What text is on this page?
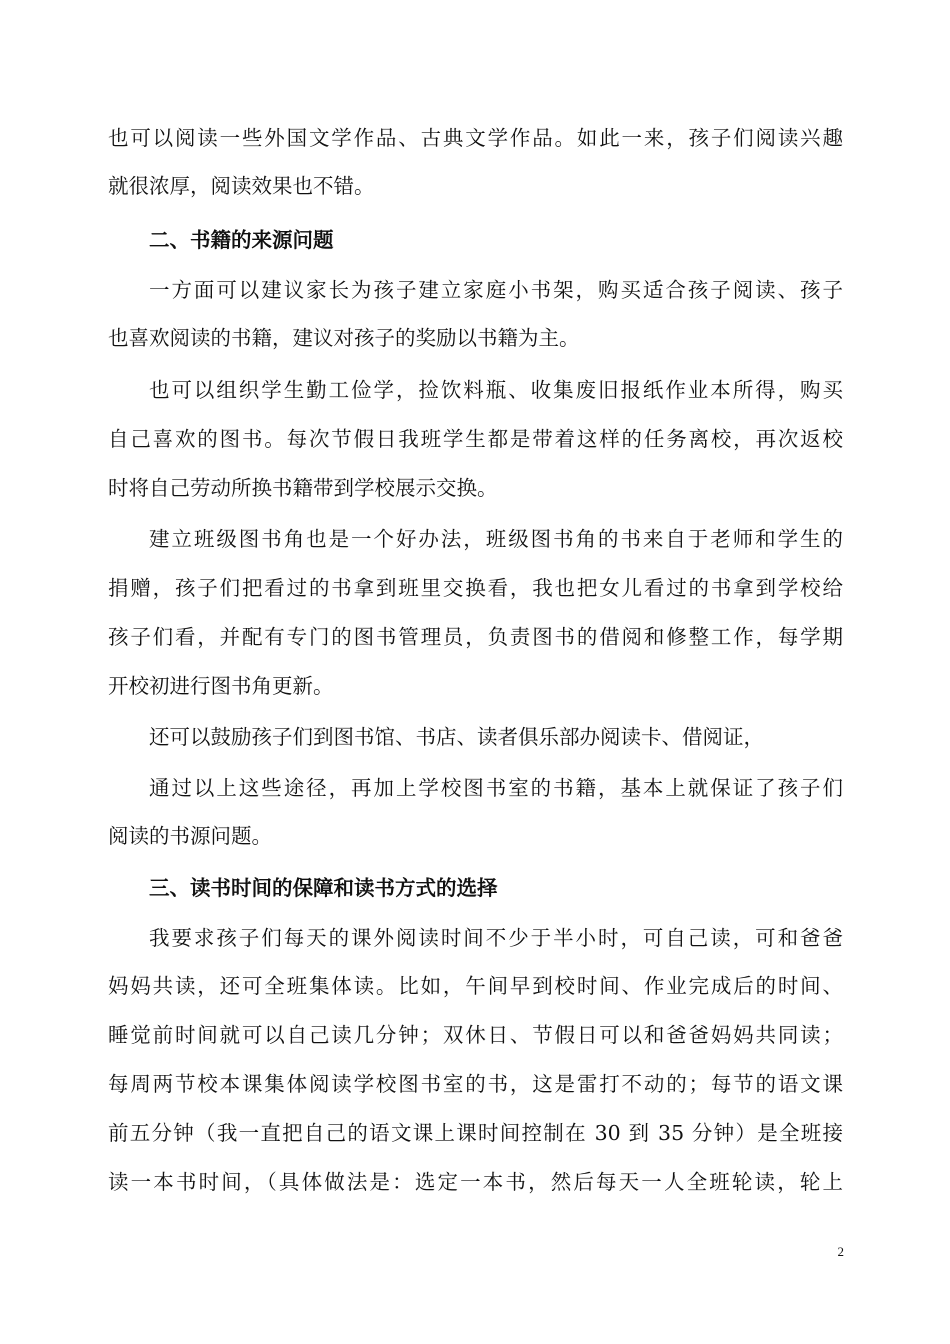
也可以阅读一些外国文学作品、古典文学作品。如此一来，孩子们阅读兴趣
就很浓厚，阅读效果也不错。
二、书籍的来源问题
一方面可以建议家长为孩子建立家庭小书架，购买适合孩子阅读、孩子
也喜欢阅读的书籍，建议对孩子的奖励以书籍为主。
也可以组织学生勤工俭学，捡饮料瓶、收集废旧报纸作业本所得，购买
自己喜欢的图书。每次节假日我班学生都是带着这样的任务离校，再次返校
时将自己劳动所换书籍带到学校展示交换。
建立班级图书角也是一个好办法，班级图书角的书来自于老师和学生的
捐赠，孩子们把看过的书拿到班里交换看，我也把女儿看过的书拿到学校给
孩子们看，并配有专门的图书管理员，负责图书的借阅和修整工作，每学期
开校初进行图书角更新。
还可以鼓励孩子们到图书馆、书店、读者俱乐部办阅读卡、借阅证，
通过以上这些途径，再加上学校图书室的书籍，基本上就保证了孩子们
阅读的书源问题。
三、读书时间的保障和读书方式的选择
我要求孩子们每天的课外阅读时间不少于半小时，可自己读，可和爸爸
妈妈共读，还可全班集体读。比如，午间早到校时间、作业完成后的时间、
睡觉前时间就可以自己读几分钟；双休日、节假日可以和爸爸妈妈共同读；
每周两节校本课集体阅读学校图书室的书，这是雷打不动的；每节的语文课
前五分钟（我一直把自己的语文课上课时间控制在 30 到 35 分钟）是全班接
读一本书时间，（具体做法是：选定一本书，然后每天一人全班轮读，轮上
2
